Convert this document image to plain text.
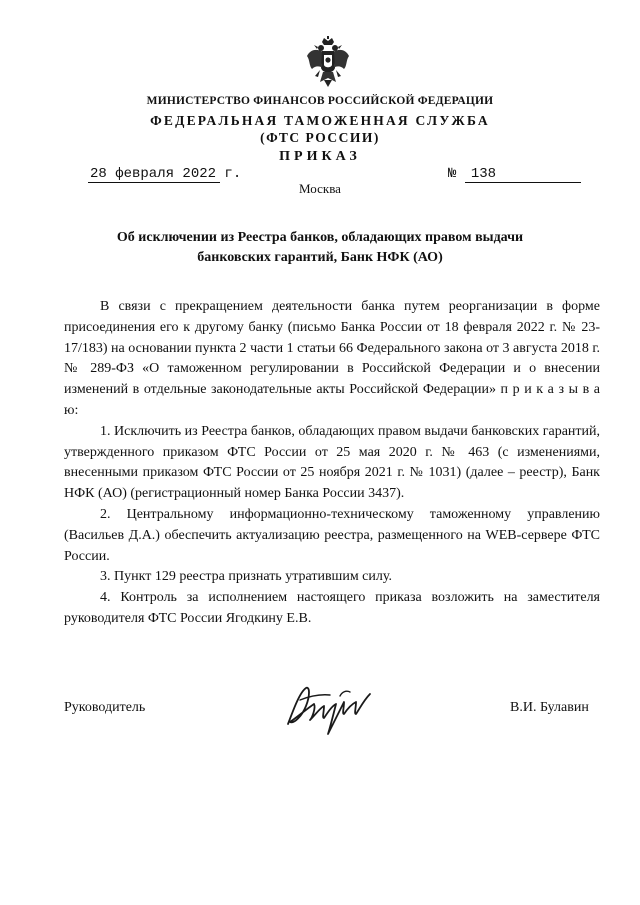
МИНИСТЕРСТВО ФИНАНСОВ РОССИЙСКОЙ ФЕДЕРАЦИИ
ФЕДЕРАЛЬНАЯ ТАМОЖЕННАЯ СЛУЖБА
(ФТС РОССИИ)
ПРИКАЗ
28 февраля 2022 г.	№ 138
Москва
Об исключении из Реестра банков, обладающих правом выдачи
банковских гарантий, Банк НФК (АО)

В связи с прекращением деятельности банка путем реорганизации в форме присоединения его к другому банку (письмо Банка России от 18 февраля 2022 г. № 23-17/183) на основании пункта 2 части 1 статьи 66 Федерального закона от 3 августа 2018 г. № 289-ФЗ «О таможенном регулировании в Российской Федерации и о внесении изменений в отдельные законодательные акты Российской Федерации» п р и к а з ы в а ю:

1. Исключить из Реестра банков, обладающих правом выдачи банковских гарантий, утвержденного приказом ФТС России от 25 мая 2020 г. № 463 (с изменениями, внесенными приказом ФТС России от 25 ноября 2021 г. № 1031) (далее – реестр), Банк НФК (АО) (регистрационный номер Банка России 3437).

2. Центральному информационно-техническому таможенному управлению (Васильев Д.А.) обеспечить актуализацию реестра, размещенного на WEB-сервере ФТС России.

3. Пункт 129 реестра признать утратившим силу.

4. Контроль за исполнением настоящего приказа возложить на заместителя руководителя ФТС России Ягодкину Е.В.

Руководитель	В.И. Булавин
